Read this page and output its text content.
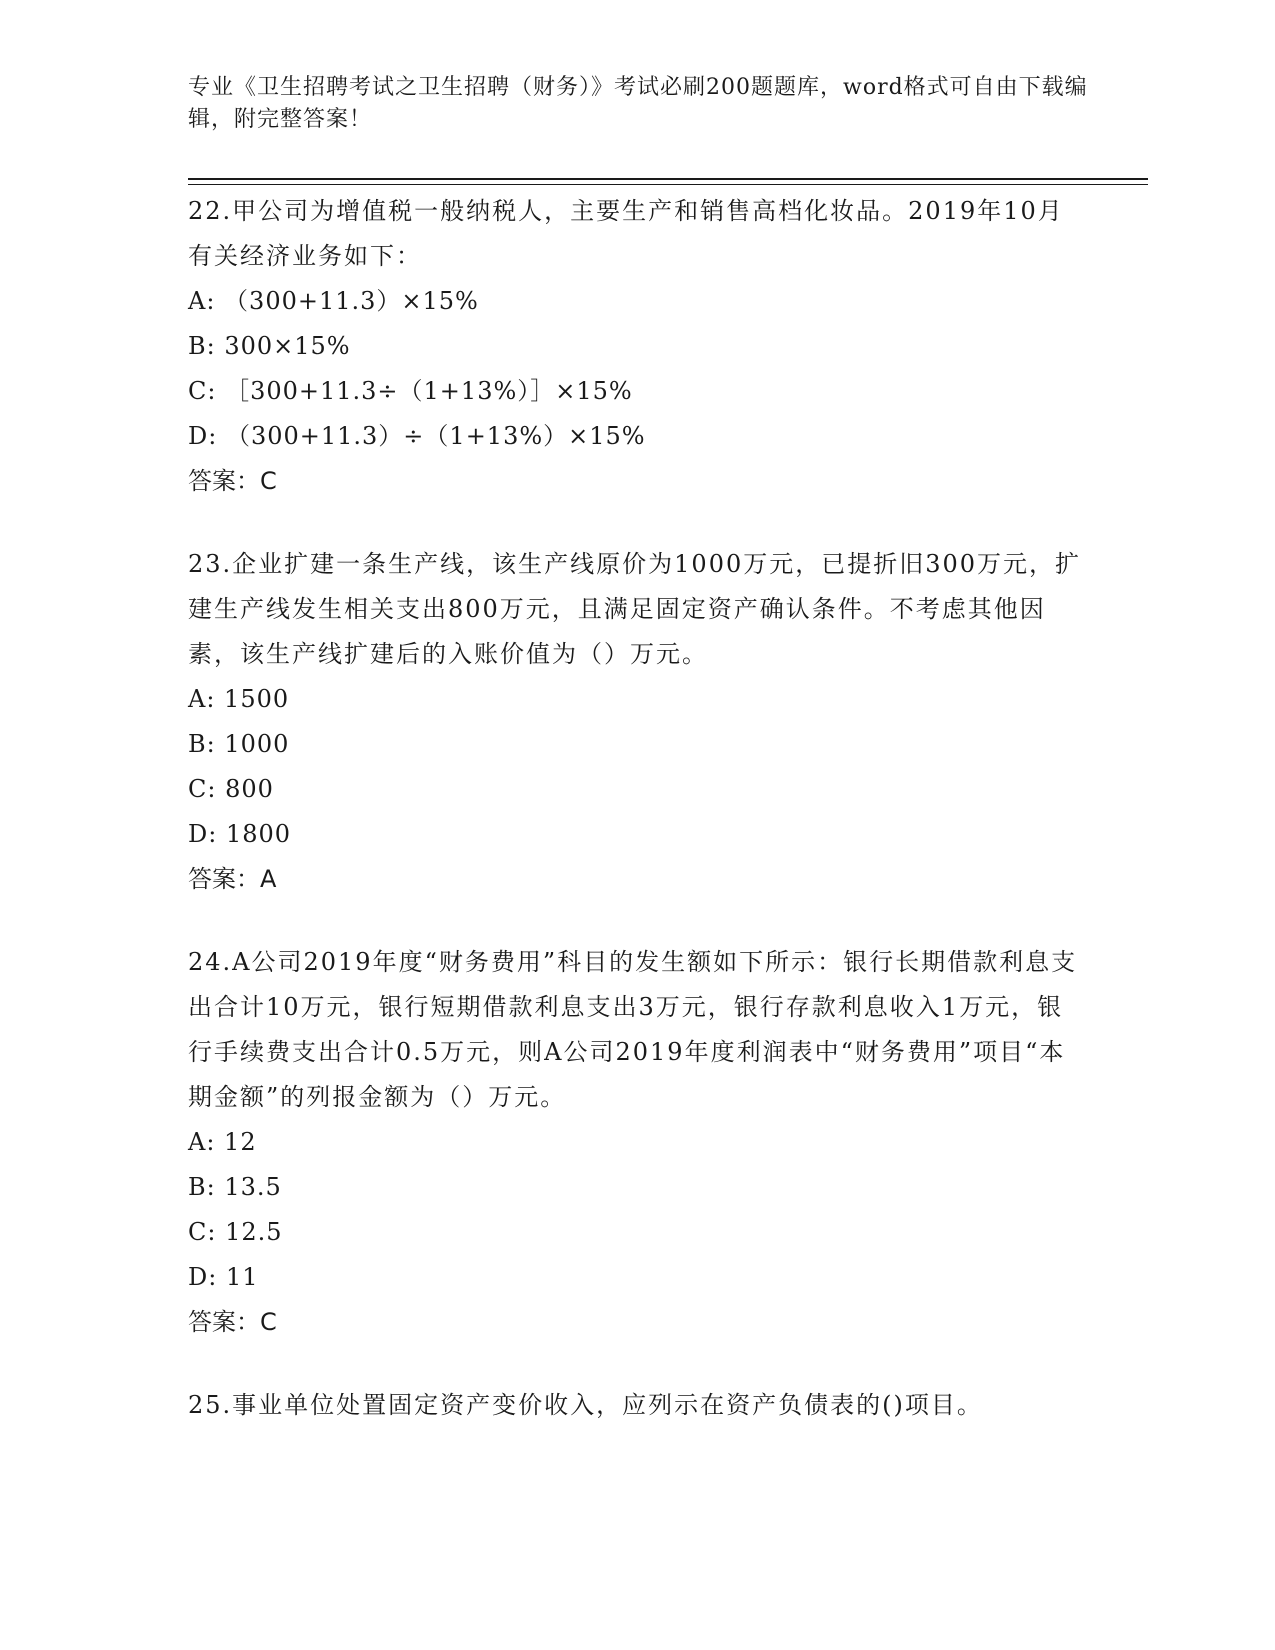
专业《卫生招聘考试之卫生招聘（财务）》考试必刷200题题库，word格式可自由下载编辑，附完整答案！
22.甲公司为增值税一般纳税人，主要生产和销售高档化妆品。2019年10月有关经济业务如下：
A: （300+11.3）×15%
B: 300×15%
C: ［300+11.3÷（1+13%）］×15%
D: （300+11.3）÷（1+13%）×15%
答案：C
23.企业扩建一条生产线，该生产线原价为1000万元，已提折旧300万元，扩建生产线发生相关支出800万元，且满足固定资产确认条件。不考虑其他因素，该生产线扩建后的入账价值为（）万元。
A: 1500
B: 1000
C: 800
D: 1800
答案：A
24.A公司2019年度“财务费用”科目的发生额如下所示：银行长期借款利息支出合计10万元，银行短期借款利息支出3万元，银行存款利息收入1万元，银行手续费支出合计0.5万元，则A公司2019年度利润表中“财务费用”项目“本期金额”的列报金额为（）万元。
A: 12
B: 13.5
C: 12.5
D: 11
答案：C
25.事业单位处置固定资产变价收入，应列示在资产负债表的()项目。
